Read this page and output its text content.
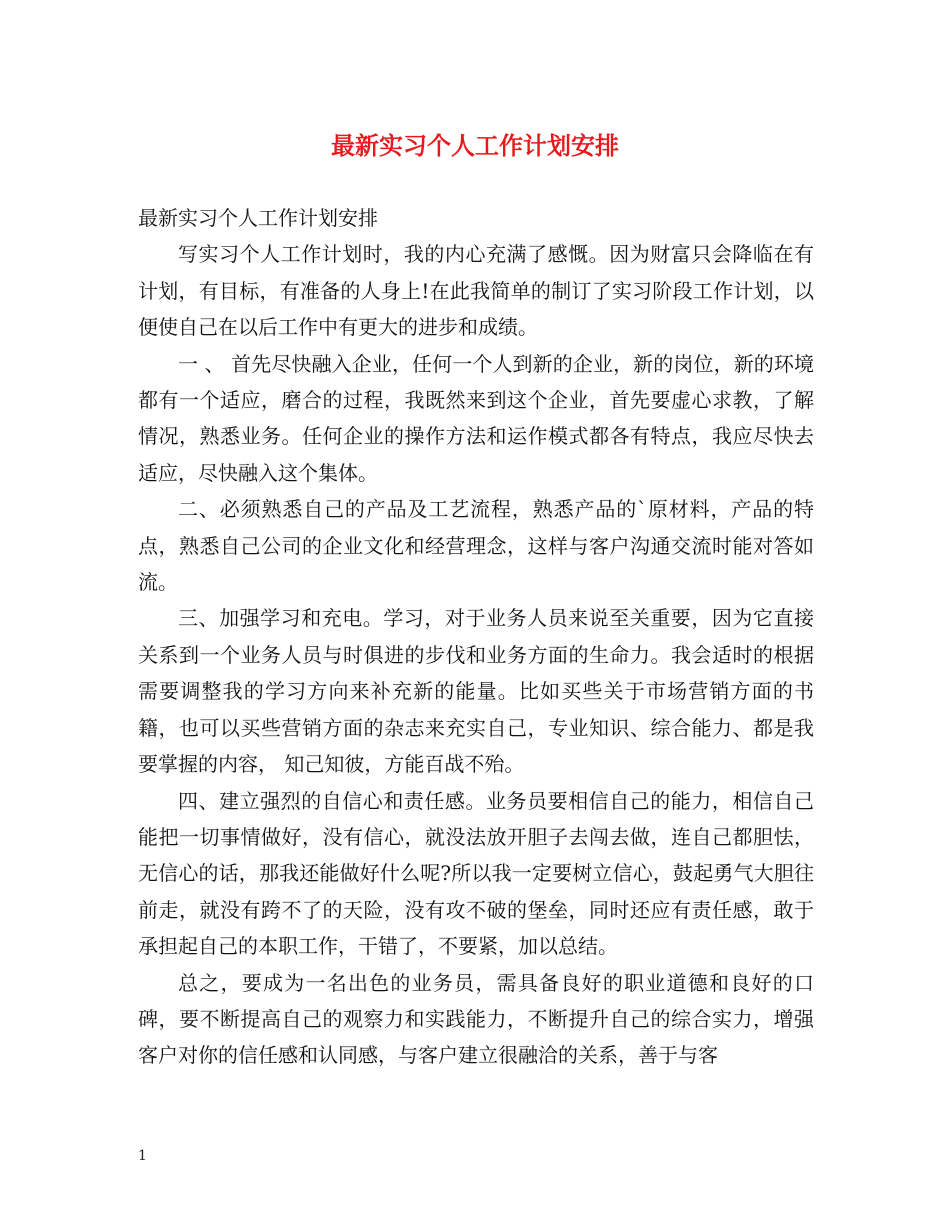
最新实习个人工作计划安排

最新实习个人工作计划安排

写实习个人工作计划时，我的内心充满了感慨。因为财富只会降临在有计划，有目标，有准备的人身上!在此我简单的制订了实习阶段工作计划，以便使自己在以后工作中有更大的进步和成绩。

一 、 首先尽快融入企业，任何一个人到新的企业，新的岗位，新的环境都有一个适应，磨合的过程，我既然来到这个企业，首先要虚心求教，了解情况，熟悉业务。任何企业的操作方法和运作模式都各有特点，我应尽快去适应，尽快融入这个集体。

二、必须熟悉自己的产品及工艺流程，熟悉产品的`原材料，产品的特点，熟悉自己公司的企业文化和经营理念，这样与客户沟通交流时能对答如流。

三、加强学习和充电。学习，对于业务人员来说至关重要，因为它直接关系到一个业务人员与时俱进的步伐和业务方面的生命力。我会适时的根据需要调整我的学习方向来补充新的能量。比如买些关于市场营销方面的书籍，也可以买些营销方面的杂志来充实自己，专业知识、综合能力、都是我要掌握的内容， 知己知彼，方能百战不殆。

四、建立强烈的自信心和责任感。业务员要相信自己的能力，相信自己能把一切事情做好，没有信心，就没法放开胆子去闯去做，连自己都胆怯，无信心的话，那我还能做好什么呢?所以我一定要树立信心，鼓起勇气大胆往前走，就没有跨不了的天险，没有攻不破的堡垒，同时还应有责任感，敢于承担起自己的本职工作，干错了，不要紧，加以总结。

总之，要成为一名出色的业务员，需具备良好的职业道德和良好的口碑，要不断提高自己的观察力和实践能力，不断提升自己的综合实力，增强客户对你的信任感和认同感，与客户建立很融洽的关系，善于与客

1
